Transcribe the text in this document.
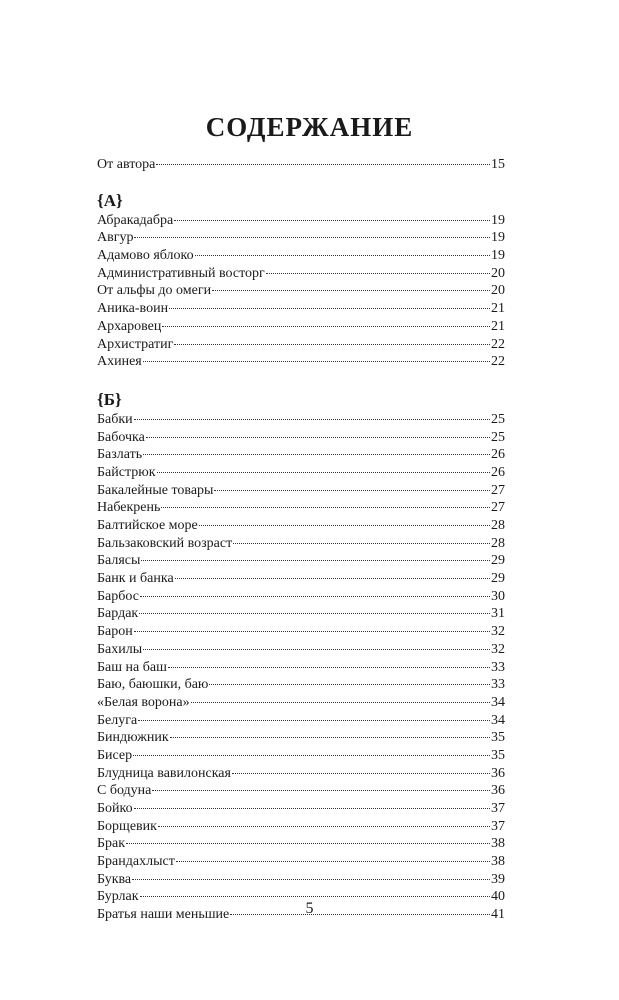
СОДЕРЖАНИЕ
От автора	15
{А}
Абракадабра	19
Авгур	19
Адамово яблоко	19
Административный восторг	20
От альфы до омеги	20
Аника-воин	21
Архаровец	21
Архистратиг	22
Ахинея	22
{Б}
Бабки	25
Бабочка	25
Базлать	26
Байстрюк	26
Бакалейные товары	27
Набекрень	27
Балтийское море	28
Бальзаковский возраст	28
Балясы	29
Банк и банка	29
Барбос	30
Бардак	31
Барон	32
Бахилы	32
Баш на баш	33
Баю, баюшки, баю	33
«Белая ворона»	34
Белуга	34
Биндюжник	35
Бисер	35
Блудница вавилонская	36
С бодуна	36
Бойко	37
Борщевик	37
Брак	38
Брандахлыст	38
Буква	39
Бурлак	40
Братья наши меньшие	41
5
